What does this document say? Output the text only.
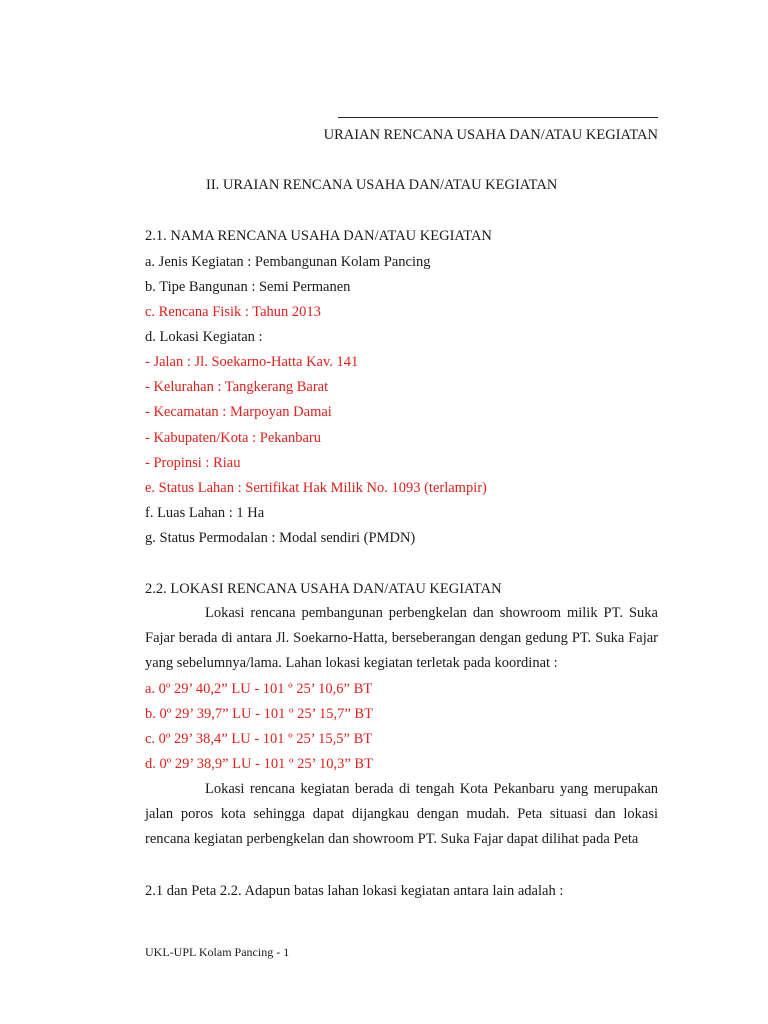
URAIAN RENCANA USAHA DAN/ATAU KEGIATAN
II. URAIAN RENCANA USAHA DAN/ATAU KEGIATAN
2.1. NAMA RENCANA USAHA DAN/ATAU KEGIATAN
a. Jenis Kegiatan : Pembangunan Kolam Pancing
b. Tipe Bangunan : Semi Permanen
c. Rencana Fisik : Tahun 2013
d. Lokasi Kegiatan :
- Jalan : Jl. Soekarno-Hatta Kav. 141
- Kelurahan : Tangkerang Barat
- Kecamatan : Marpoyan Damai
- Kabupaten/Kota : Pekanbaru
- Propinsi : Riau
e. Status Lahan : Sertifikat Hak Milik No. 1093 (terlampir)
f. Luas Lahan : 1 Ha
g. Status Permodalan : Modal sendiri (PMDN)
2.2. LOKASI RENCANA USAHA DAN/ATAU KEGIATAN
Lokasi rencana pembangunan perbengkelan dan showroom milik PT. Suka Fajar berada di antara Jl. Soekarno-Hatta, berseberangan dengan gedung PT. Suka Fajar yang sebelumnya/lama. Lahan lokasi kegiatan terletak pada koordinat :
a. 0º 29’ 40,2” LU - 101 º 25’ 10,6” BT
b. 0º 29’ 39,7” LU - 101 º 25’ 15,7” BT
c. 0º 29’ 38,4” LU - 101 º 25’ 15,5” BT
d. 0º 29’ 38,9” LU - 101 º 25’ 10,3” BT
Lokasi rencana kegiatan berada di tengah Kota Pekanbaru yang merupakan jalan poros kota sehingga dapat dijangkau dengan mudah. Peta situasi dan lokasi rencana kegiatan perbengkelan dan showroom PT. Suka Fajar dapat dilihat pada Peta
2.1 dan Peta 2.2. Adapun batas lahan lokasi kegiatan antara lain adalah :
UKL-UPL Kolam Pancing - 1
